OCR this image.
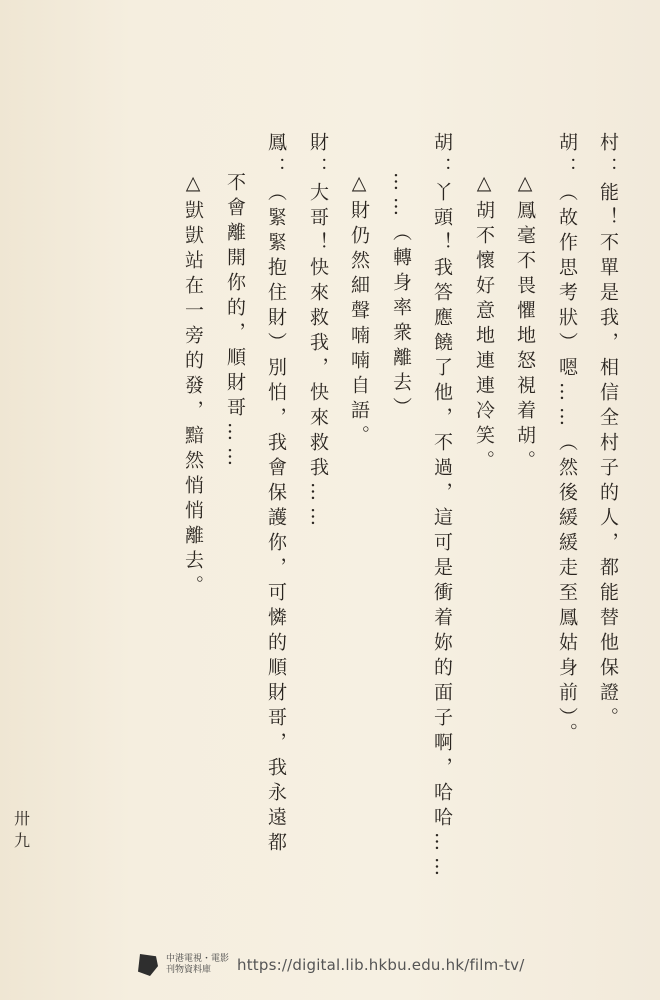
村：能！不單是我，相信全村子的人，都能替他保證。
胡：（故作思考狀）嗯……（然後緩緩走至鳳姑身前）。
△鳳毫不畏懼地怒視着胡。
△胡不懷好意地連連冷笑。
胡：丫頭！我答應饒了他，不過，這可是衝着妳的面子啊，哈哈……
……（轉身率衆離去）
△財仍然細聲喃喃自語。
財：大哥！快來救我，快來救我……
鳳：（緊緊抱住財）別怕，我會保護你，可憐的順財哥，我永遠都
不會離開你的，順財哥……
△獃獃站在一旁的發，黯然悄悄離去。
卅
九
中港電視・電影
刊物資料庫	https://digital.lib.hkbu.edu.hk/film-tv/
